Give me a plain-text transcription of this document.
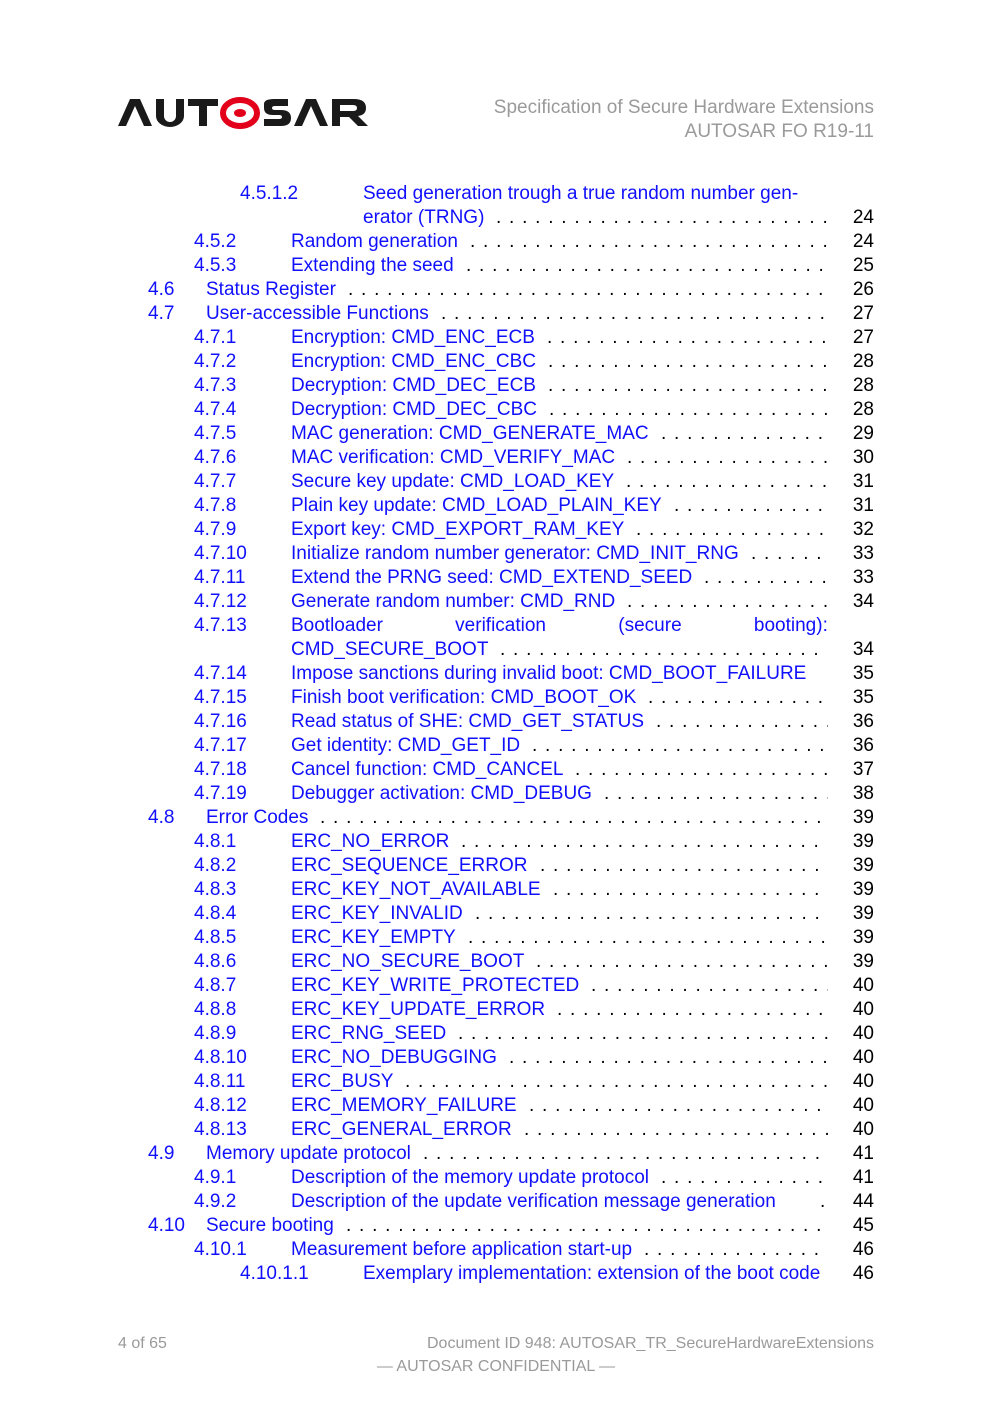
Specification of Secure Hardware Extensions
AUTOSAR FO R19-11
4.5.1.2	Seed generation trough a true random number gen-
erator (TRNG)	24
. . .
4.5.2	Random generation	24
. . .
4.5.3	Extending the seed	25
. . .
4.6 Status Register	26
. . .
4.7 User-accessible Functions	27
. . .
4.7.1	Encryption: CMD_ENC_ECB	27
. . .
4.7.2	Encryption: CMD_ENC_CBC	28
. . .
4.7.3	Decryption: CMD_DEC_ECB	28
. . .
4.7.4	Decryption: CMD_DEC_CBC	28
. . .
4.7.5	MAC generation: CMD_GENERATE_MAC	29
. . .
4.7.6	MAC verification: CMD_VERIFY_MAC	30
. . .
4.7.7	Secure key update: CMD_LOAD_KEY	31
. . .
4.7.8	Plain key update: CMD_LOAD_PLAIN_KEY	31
. . .
4.7.9	Export key: CMD_EXPORT_RAM_KEY	32
. . .
4.7.10 Initialize random number generator: CMD_INIT_RNG	33
. . .
4.7.11 Extend the PRNG seed: CMD_EXTEND_SEED	33
. . .
4.7.12 Generate random number: CMD_RND	34
. . .
4.7.13 Bootloader verification (secure booting):
CMD_SECURE_BOOT	34
. . .
4.7.14 Impose sanctions during invalid boot: CMD_BOOT_FAILURE 35
4.7.15 Finish boot verification: CMD_BOOT_OK	35
. . .
4.7.16 Read status of SHE: CMD_GET_STATUS	36
. . .
4.7.17 Get identity: CMD_GET_ID	36
. . .
4.7.18 Cancel function: CMD_CANCEL	37
. . .
4.7.19 Debugger activation: CMD_DEBUG	38
. . .
4.8 Error Codes	39
. . .
4.8.1	ERC_NO_ERROR	39
. . .
4.8.2	ERC_SEQUENCE_ERROR	39
. . .
4.8.3	ERC_KEY_NOT_AVAILABLE	39
. . .
4.8.4	ERC_KEY_INVALID	39
. . .
4.8.5	ERC_KEY_EMPTY	39
. . .
4.8.6	ERC_NO_SECURE_BOOT	39
. . .
4.8.7	ERC_KEY_WRITE_PROTECTED	40
. . .
4.8.8	ERC_KEY_UPDATE_ERROR	40
. . .
4.8.9	ERC_RNG_SEED	40
. . .
4.8.10 ERC_NO_DEBUGGING	40
. . .
4.8.11 ERC_BUSY	40
. . .
4.8.12 ERC_MEMORY_FAILURE	40
. . .
4.8.13 ERC_GENERAL_ERROR	40
. . .
4.9 Memory update protocol	41
. . .
4.9.1	Description of the memory update protocol	41
. . .
4.9.2	Description of the update verification message generation	44
. . .
4.10 Secure booting	45
. . .
4.10.1 Measurement before application start-up	46
. . .
4.10.1.1	Exemplary implementation: extension of the boot code 46
4 of 65	Document ID 948: AUTOSAR_TR_SecureHardwareExtensions
— AUTOSAR CONFIDENTIAL —
